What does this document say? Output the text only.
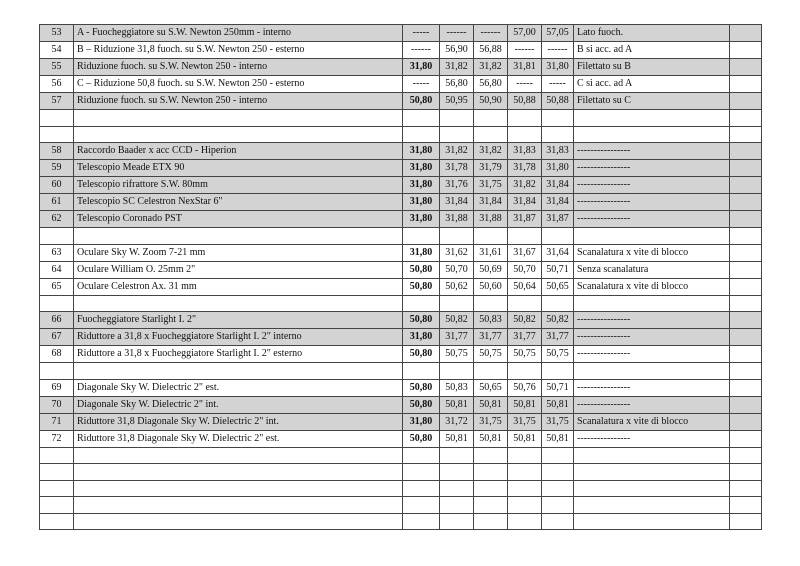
53	A - Fuocheggiatore su S.W. Newton 250mm - interno	-----	------	------	57,00	57,05	Lato fuoch.	
54	B – Riduzione 31,8 fuoch. su S.W. Newton 250 - esterno	------	56,90	56,88	------	------	B si acc. ad A	
55	Riduzione fuoch. su S.W. Newton 250 - interno	31,80	31,82	31,82	31,81	31,80	Filettato su B	
56	C – Riduzione 50,8 fuoch. su S.W. Newton 250 - esterno	-----	56,80	56,80	-----	-----	C si acc. ad A	
57	Riduzione fuoch. su S.W. Newton 250 - interno	50,80	50,95	50,90	50,88	50,88	Filettato su C	

58	Raccordo Baader x acc CCD - Hiperion	31,80	31,82	31,82	31,83	31,83	----------------	
59	Telescopio Meade ETX 90	31,80	31,78	31,79	31,78	31,80	----------------	
60	Telescopio rifrattore S.W. 80mm	31,80	31,76	31,75	31,82	31,84	----------------	
61	Telescopio SC Celestron NexStar 6"	31,80	31,84	31,84	31,84	31,84	----------------	
62	Telescopio Coronado PST	31,80	31,88	31,88	31,87	31,87	----------------	

63	Oculare Sky W. Zoom 7-21 mm	31,80	31,62	31,61	31,67	31,64	Scanalatura x vite di blocco	
64	Oculare William O. 25mm 2"	50,80	50,70	50,69	50,70	50,71	Senza scanalatura	
65	Oculare Celestron Ax. 31 mm	50,80	50,62	50,60	50,64	50,65	Scanalatura x vite di blocco	

66	Fuocheggiatore Starlight I. 2"	50,80	50,82	50,83	50,82	50,82	----------------	
67	Riduttore a 31,8 x Fuocheggiatore Starlight I. 2" interno	31,80	31,77	31,77	31,77	31,77	----------------	
68	Riduttore a 31,8 x Fuocheggiatore Starlight I. 2" esterno	50,80	50,75	50,75	50,75	50,75	----------------	

69	Diagonale Sky W. Dielectric 2" est.	50,80	50,83	50,65	50,76	50,71	----------------	
70	Diagonale Sky W. Dielectric 2" int.	50,80	50,81	50,81	50,81	50,81	----------------	
71	Riduttore 31,8 Diagonale Sky W. Dielectric 2" int.	31,80	31,72	31,75	31,75	31,75	Scanalatura x vite di blocco	
72	Riduttore 31,8 Diagonale Sky W. Dielectric 2" est.	50,80	50,81	50,81	50,81	50,81	----------------	
